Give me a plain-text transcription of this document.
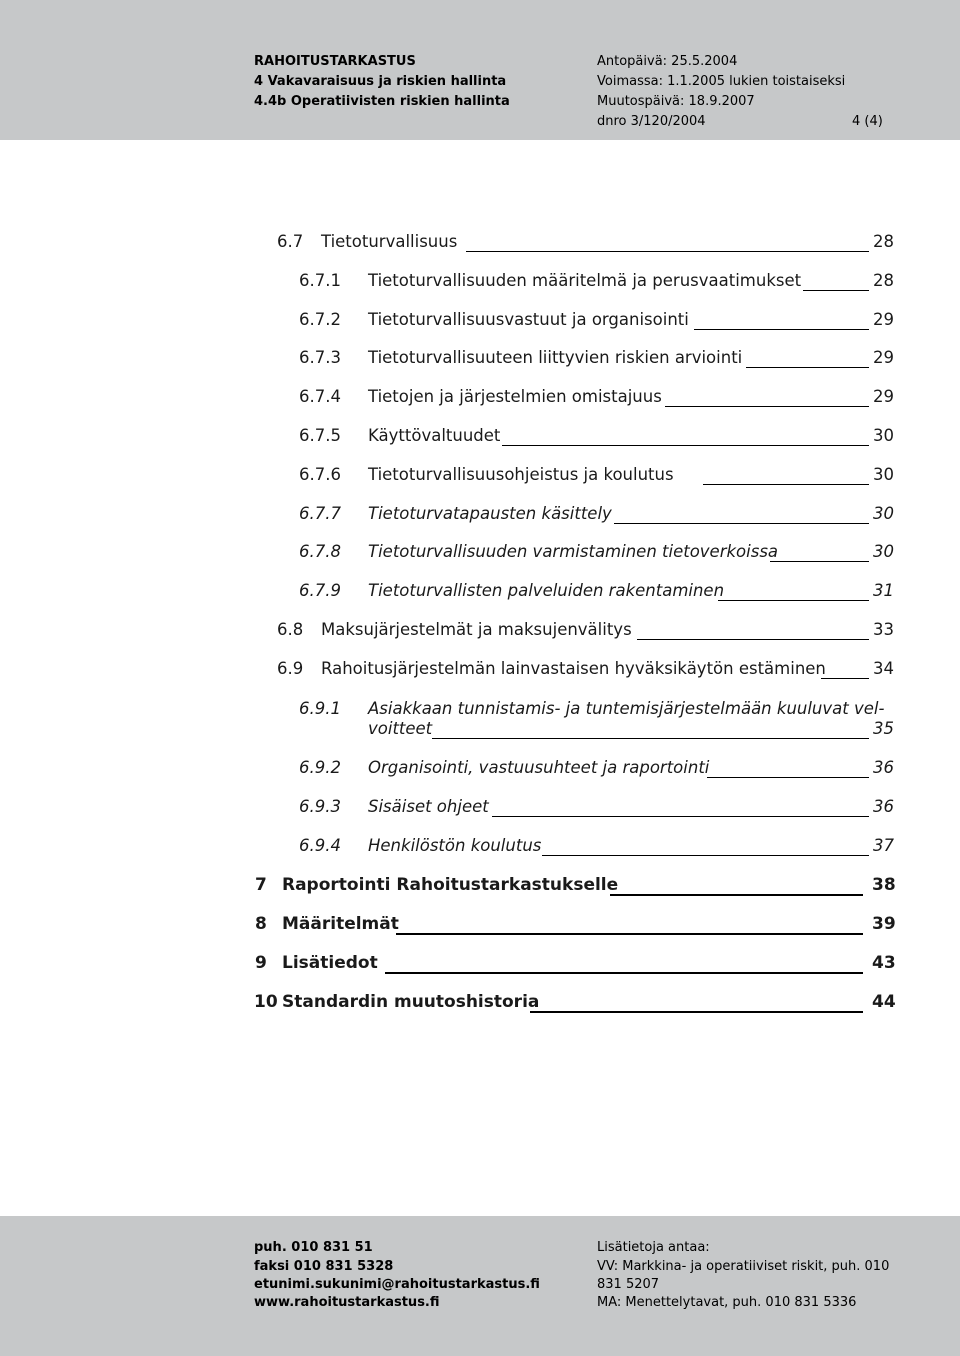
RAHOITUSTARKASTUS
4 Vakavaraisuus ja riskien hallinta
4.4b Operatiivisten riskien hallinta
Antopäivä: 25.5.2004
Voimassa: 1.1.2005 lukien toistaiseksi
Muutospäivä: 18.9.2007
dnro 3/120/2004	4 (4)
6.7 Tietoturvallisuus	28
6.7.1 Tietoturvallisuuden määritelmä ja perusvaatimukset	28
6.7.2 Tietoturvallisuusvastuut ja organisointi	29
6.7.3 Tietoturvallisuuteen liittyvien riskien arviointi	29
6.7.4 Tietojen ja järjestelmien omistajuus	29
6.7.5 Käyttövaltuudet	30
6.7.6 Tietoturvallisuusohjeistus ja koulutus	30
6.7.7 Tietoturvatapausten käsittely	30
6.7.8 Tietoturvallisuuden varmistaminen tietoverkoissa	30
6.7.9 Tietoturvallisten palveluiden rakentaminen	31
6.8 Maksujärjestelmät ja maksujenvälitys	33
6.9 Rahoitusjärjestelmän lainvastaisen hyväksikäytön estäminen	34
6.9.1 Asiakkaan tunnistamis- ja tuntemisjärjestelmään kuuluvat vel-
voitteet	35
6.9.2 Organisointi, vastuusuhteet ja raportointi	36
6.9.3 Sisäiset ohjeet	36
6.9.4 Henkilöstön koulutus	37
7 Raportointi Rahoitustarkastukselle	38
8 Määritelmät	39
9 Lisätiedot	43
10 Standardin muutoshistoria	44
puh. 010 831 51
faksi 010 831 5328
etunimi.sukunimi@rahoitustarkastus.fi
www.rahoitustarkastus.fi
Lisätietoja antaa:
VV: Markkina- ja operatiiviset riskit, puh. 010
831 5207
MA: Menettelytavat, puh. 010 831 5336
